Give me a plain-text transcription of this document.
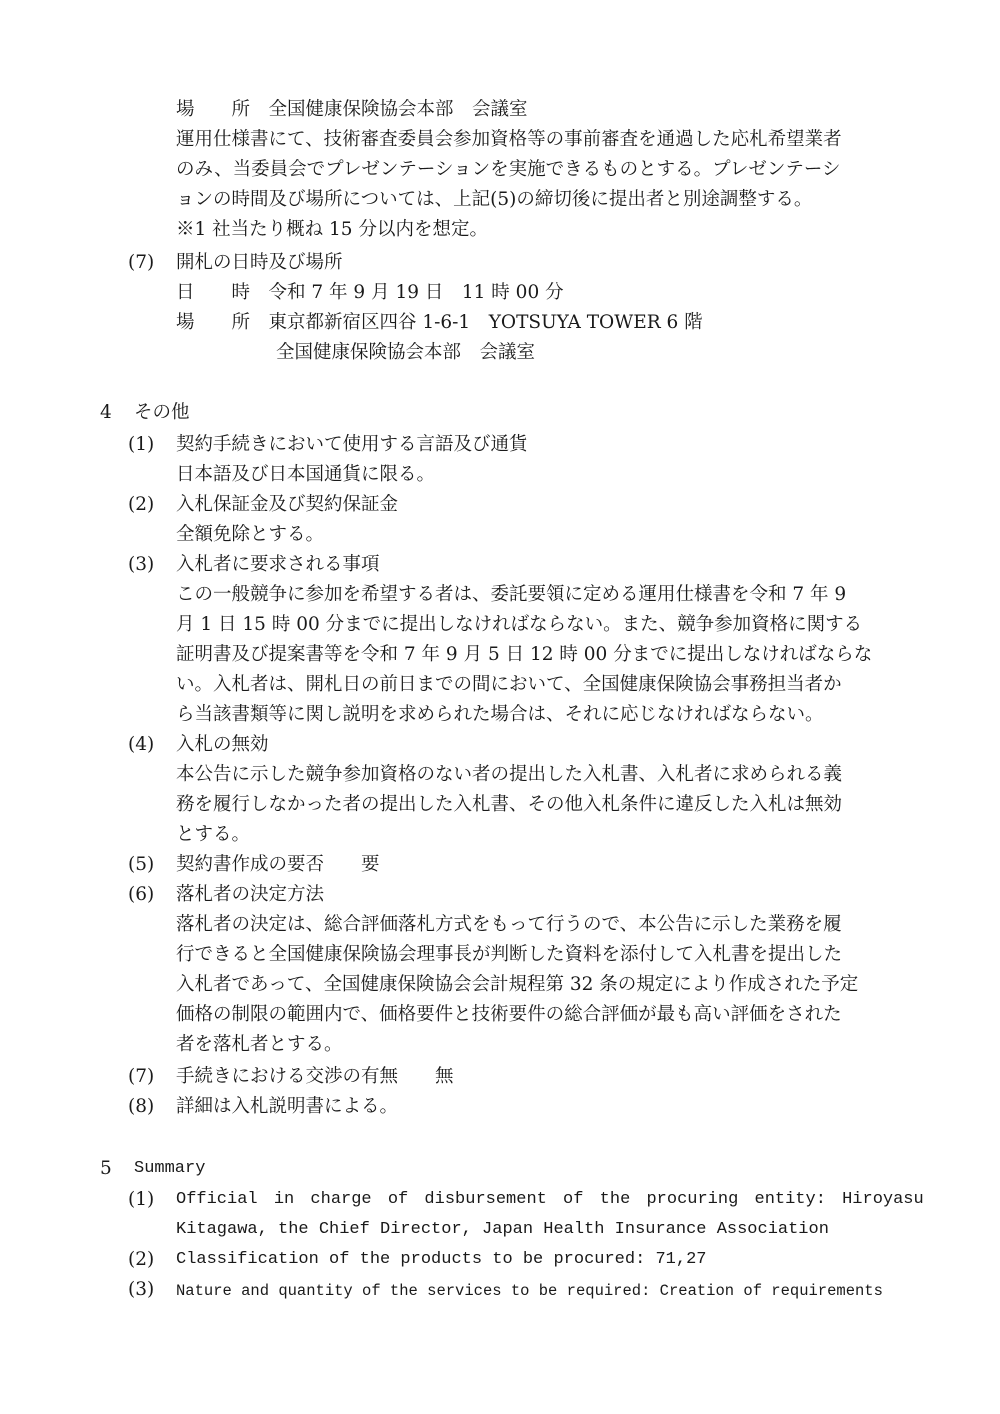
場　　所　全国健康保険協会本部　会議室
運用仕様書にて、技術審査委員会参加資格等の事前審査を通過した応札希望業者
のみ、当委員会でプレゼンテーションを実施できるものとする。プレゼンテーシ
ョンの時間及び場所については、上記(5)の締切後に提出者と別途調整する。
※1 社当たり概ね 15 分以内を想定。
(7) 開札の日時及び場所
日　　時　令和 7 年 9 月 19 日　11 時 00 分
場　　所　東京都新宿区四谷 1-6-1　YOTSUYA TOWER 6 階
全国健康保険協会本部　会議室
4 その他
(1) 契約手続きにおいて使用する言語及び通貨
日本語及び日本国通貨に限る。
(2) 入札保証金及び契約保証金
全額免除とする。
(3) 入札者に要求される事項
この一般競争に参加を希望する者は、委託要領に定める運用仕様書を令和 7 年 9
月 1 日 15 時 00 分までに提出しなければならない。また、競争参加資格に関する
証明書及び提案書等を令和 7 年 9 月 5 日 12 時 00 分までに提出しなければならな
い。入札者は、開札日の前日までの間において、全国健康保険協会事務担当者か
ら当該書類等に関し説明を求められた場合は、それに応じなければならない。
(4) 入札の無効
本公告に示した競争参加資格のない者の提出した入札書、入札者に求められる義
務を履行しなかった者の提出した入札書、その他入札条件に違反した入札は無効
とする。
(5) 契約書作成の要否　　要
(6) 落札者の決定方法
落札者の決定は、総合評価落札方式をもって行うので、本公告に示した業務を履
行できると全国健康保険協会理事長が判断した資料を添付して入札書を提出した
入札者であって、全国健康保険協会会計規程第 32 条の規定により作成された予定
価格の制限の範囲内で、価格要件と技術要件の総合評価が最も高い評価をされた
者を落札者とする。
(7) 手続きにおける交渉の有無　　無
(8) 詳細は入札説明書による。
5 Summary
(1) Official in charge of disbursement of the procuring entity: Hiroyasu
Kitagawa, the Chief Director, Japan Health Insurance Association
(2) Classification of the products to be procured: 71,27
(3) Nature and quantity of the services to be required: Creation of requirements
